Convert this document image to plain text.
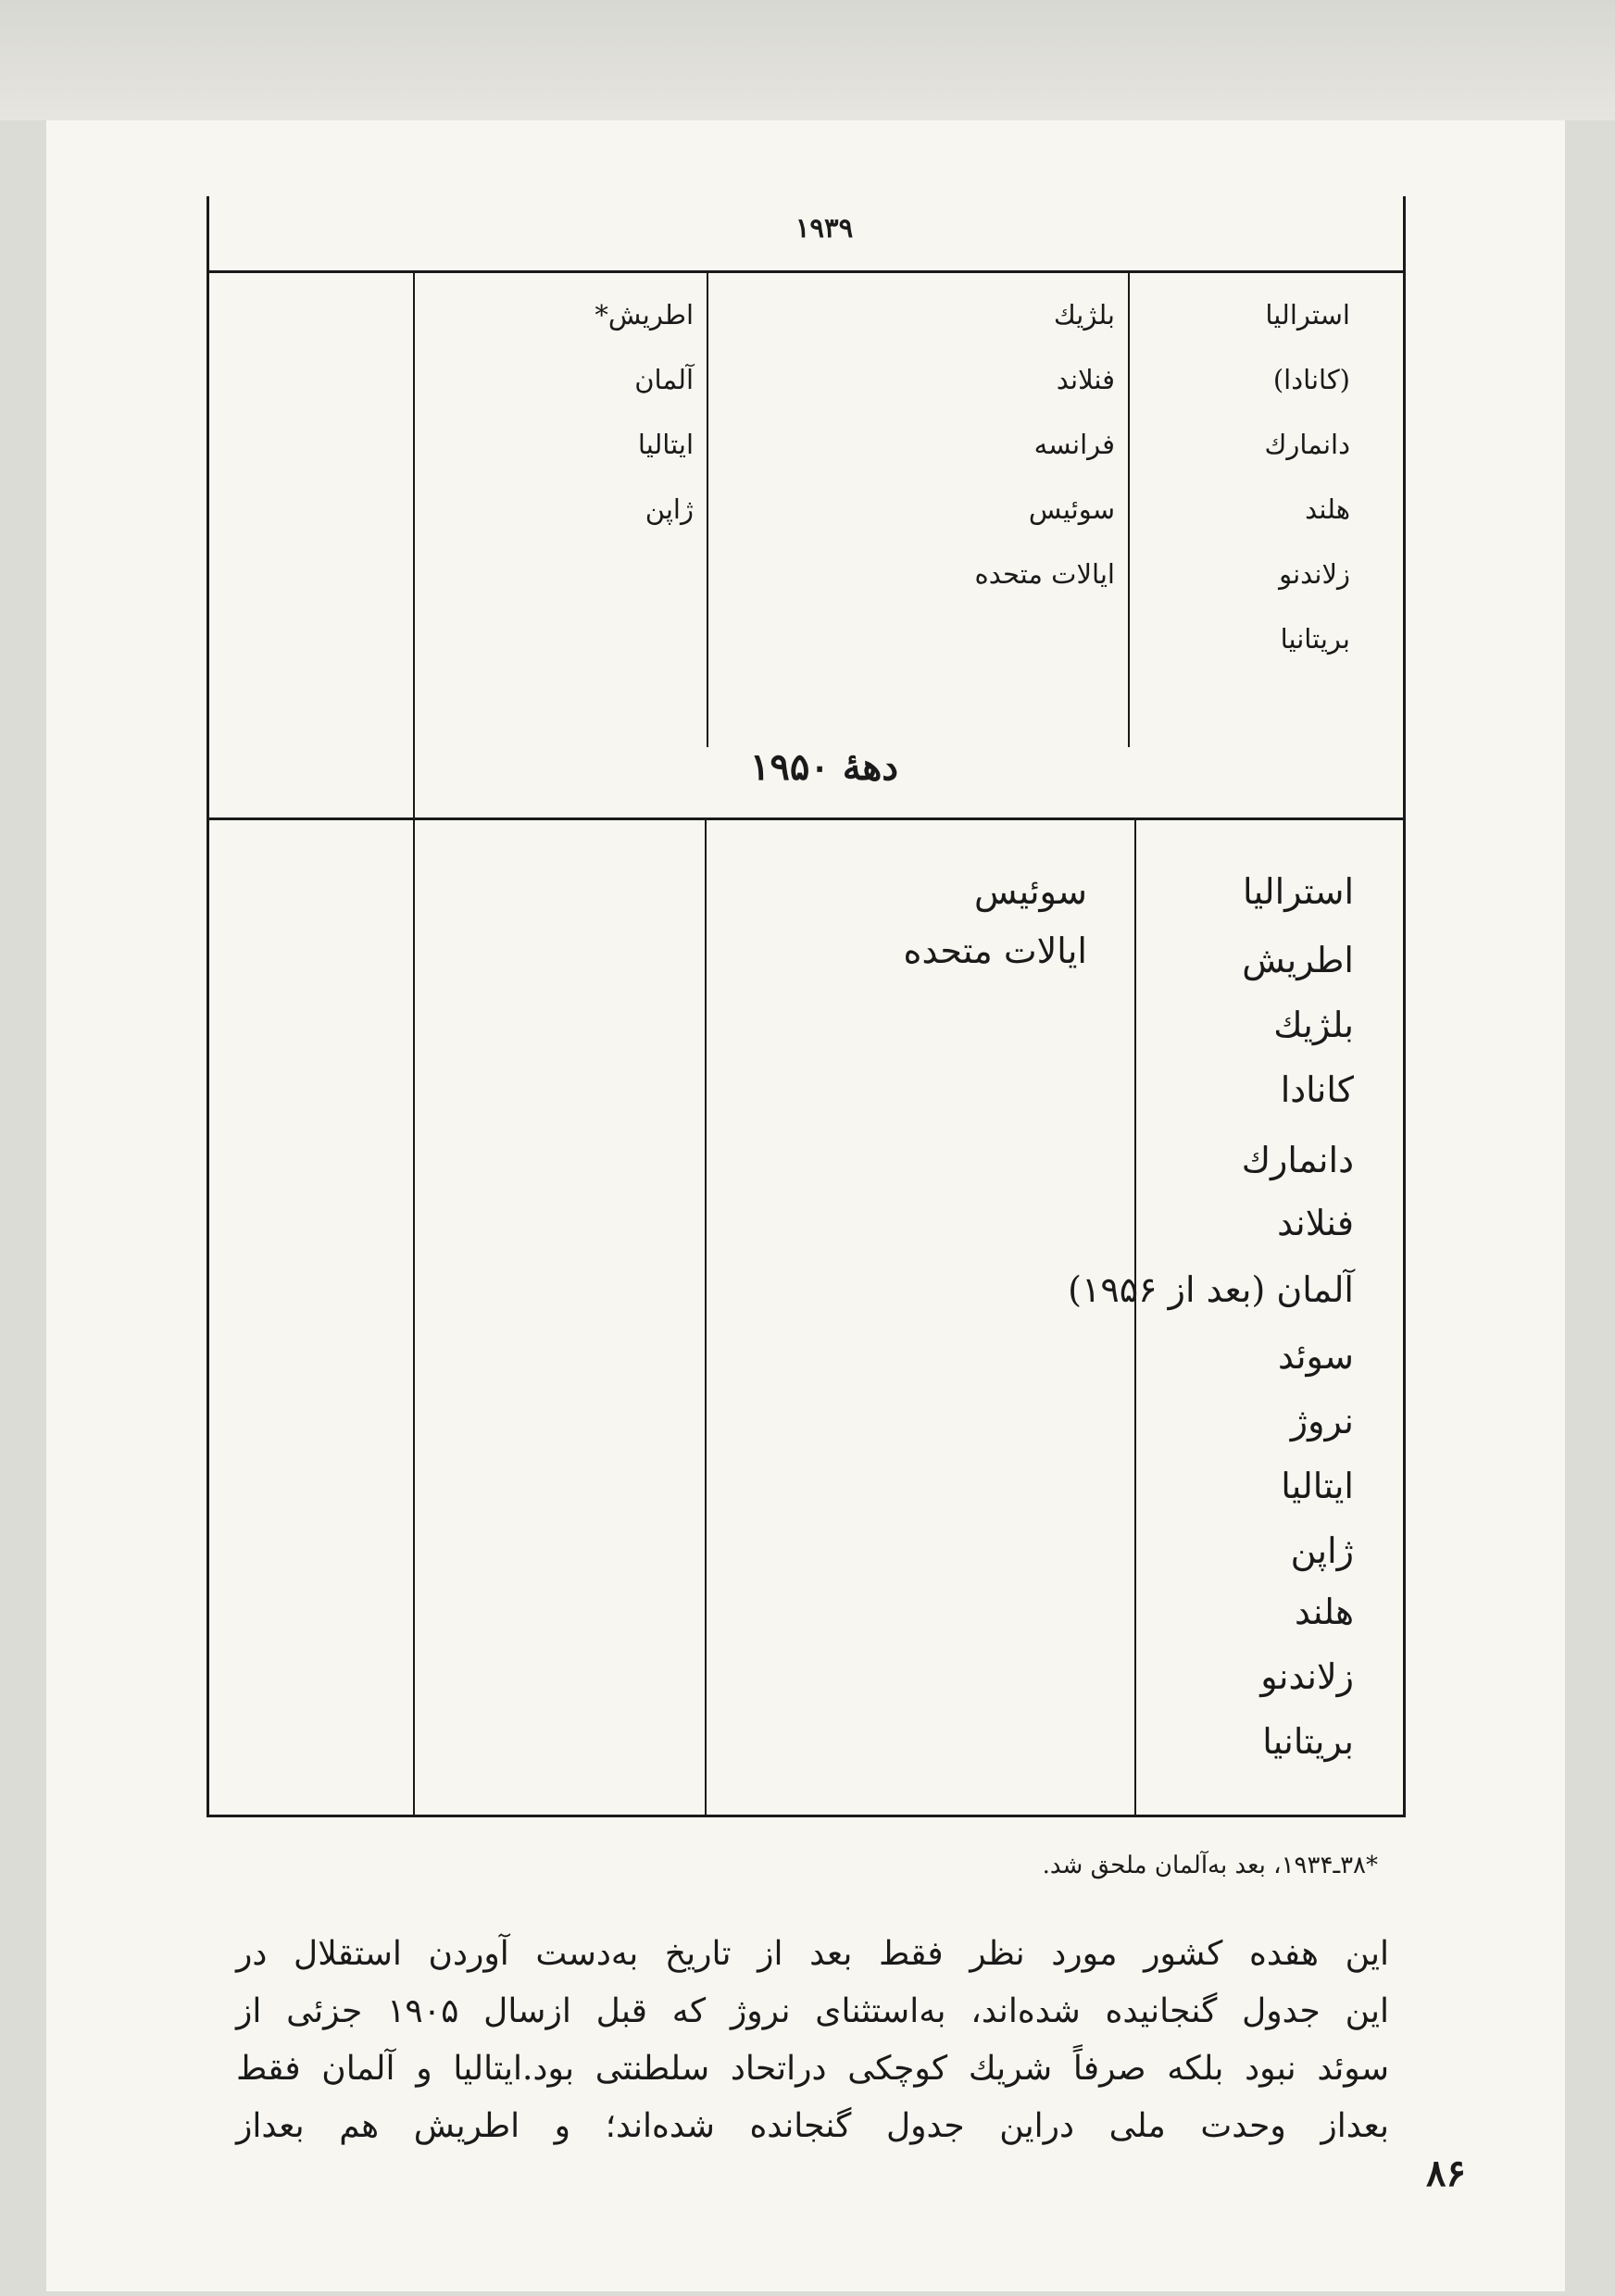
۱۹۳۹
دهۀ ۱۹۵۰
استرالیا
(کانادا)
دانمارك
هلند
زلاندنو
بریتانیا
بلژیك
فنلاند
فرانسه
سوئیس
ایالات متحده
اطریش*
آلمان
ایتالیا
ژاپن
استرالیا
اطریش
بلژیك
کانادا
دانمارك
فنلاند
آلمان (بعد از ۱۹۵۶)
سوئد
نروژ
ایتالیا
ژاپن
هلند
زلاندنو
بریتانیا
سوئیس
ایالات متحده
*۳۸ـ۱۹۳۴، بعد به‌آلمان ملحق شد.
این هفده کشور مورد نظر فقط بعد از تاریخ به‌دست آوردن استقلال در
این جدول گنجانیده شده‌اند، به‌استثنای نروژ که قبل ازسال ۱۹۰۵ جزئی از
سوئد نبود بلکه صرفاً شریك کوچکی دراتحاد سلطنتی بود.ایتالیا و آلمان فقط
بعداز وحدت ملی دراین جدول گنجانده شده‌اند؛ و اطریش هم بعداز
۸۶
